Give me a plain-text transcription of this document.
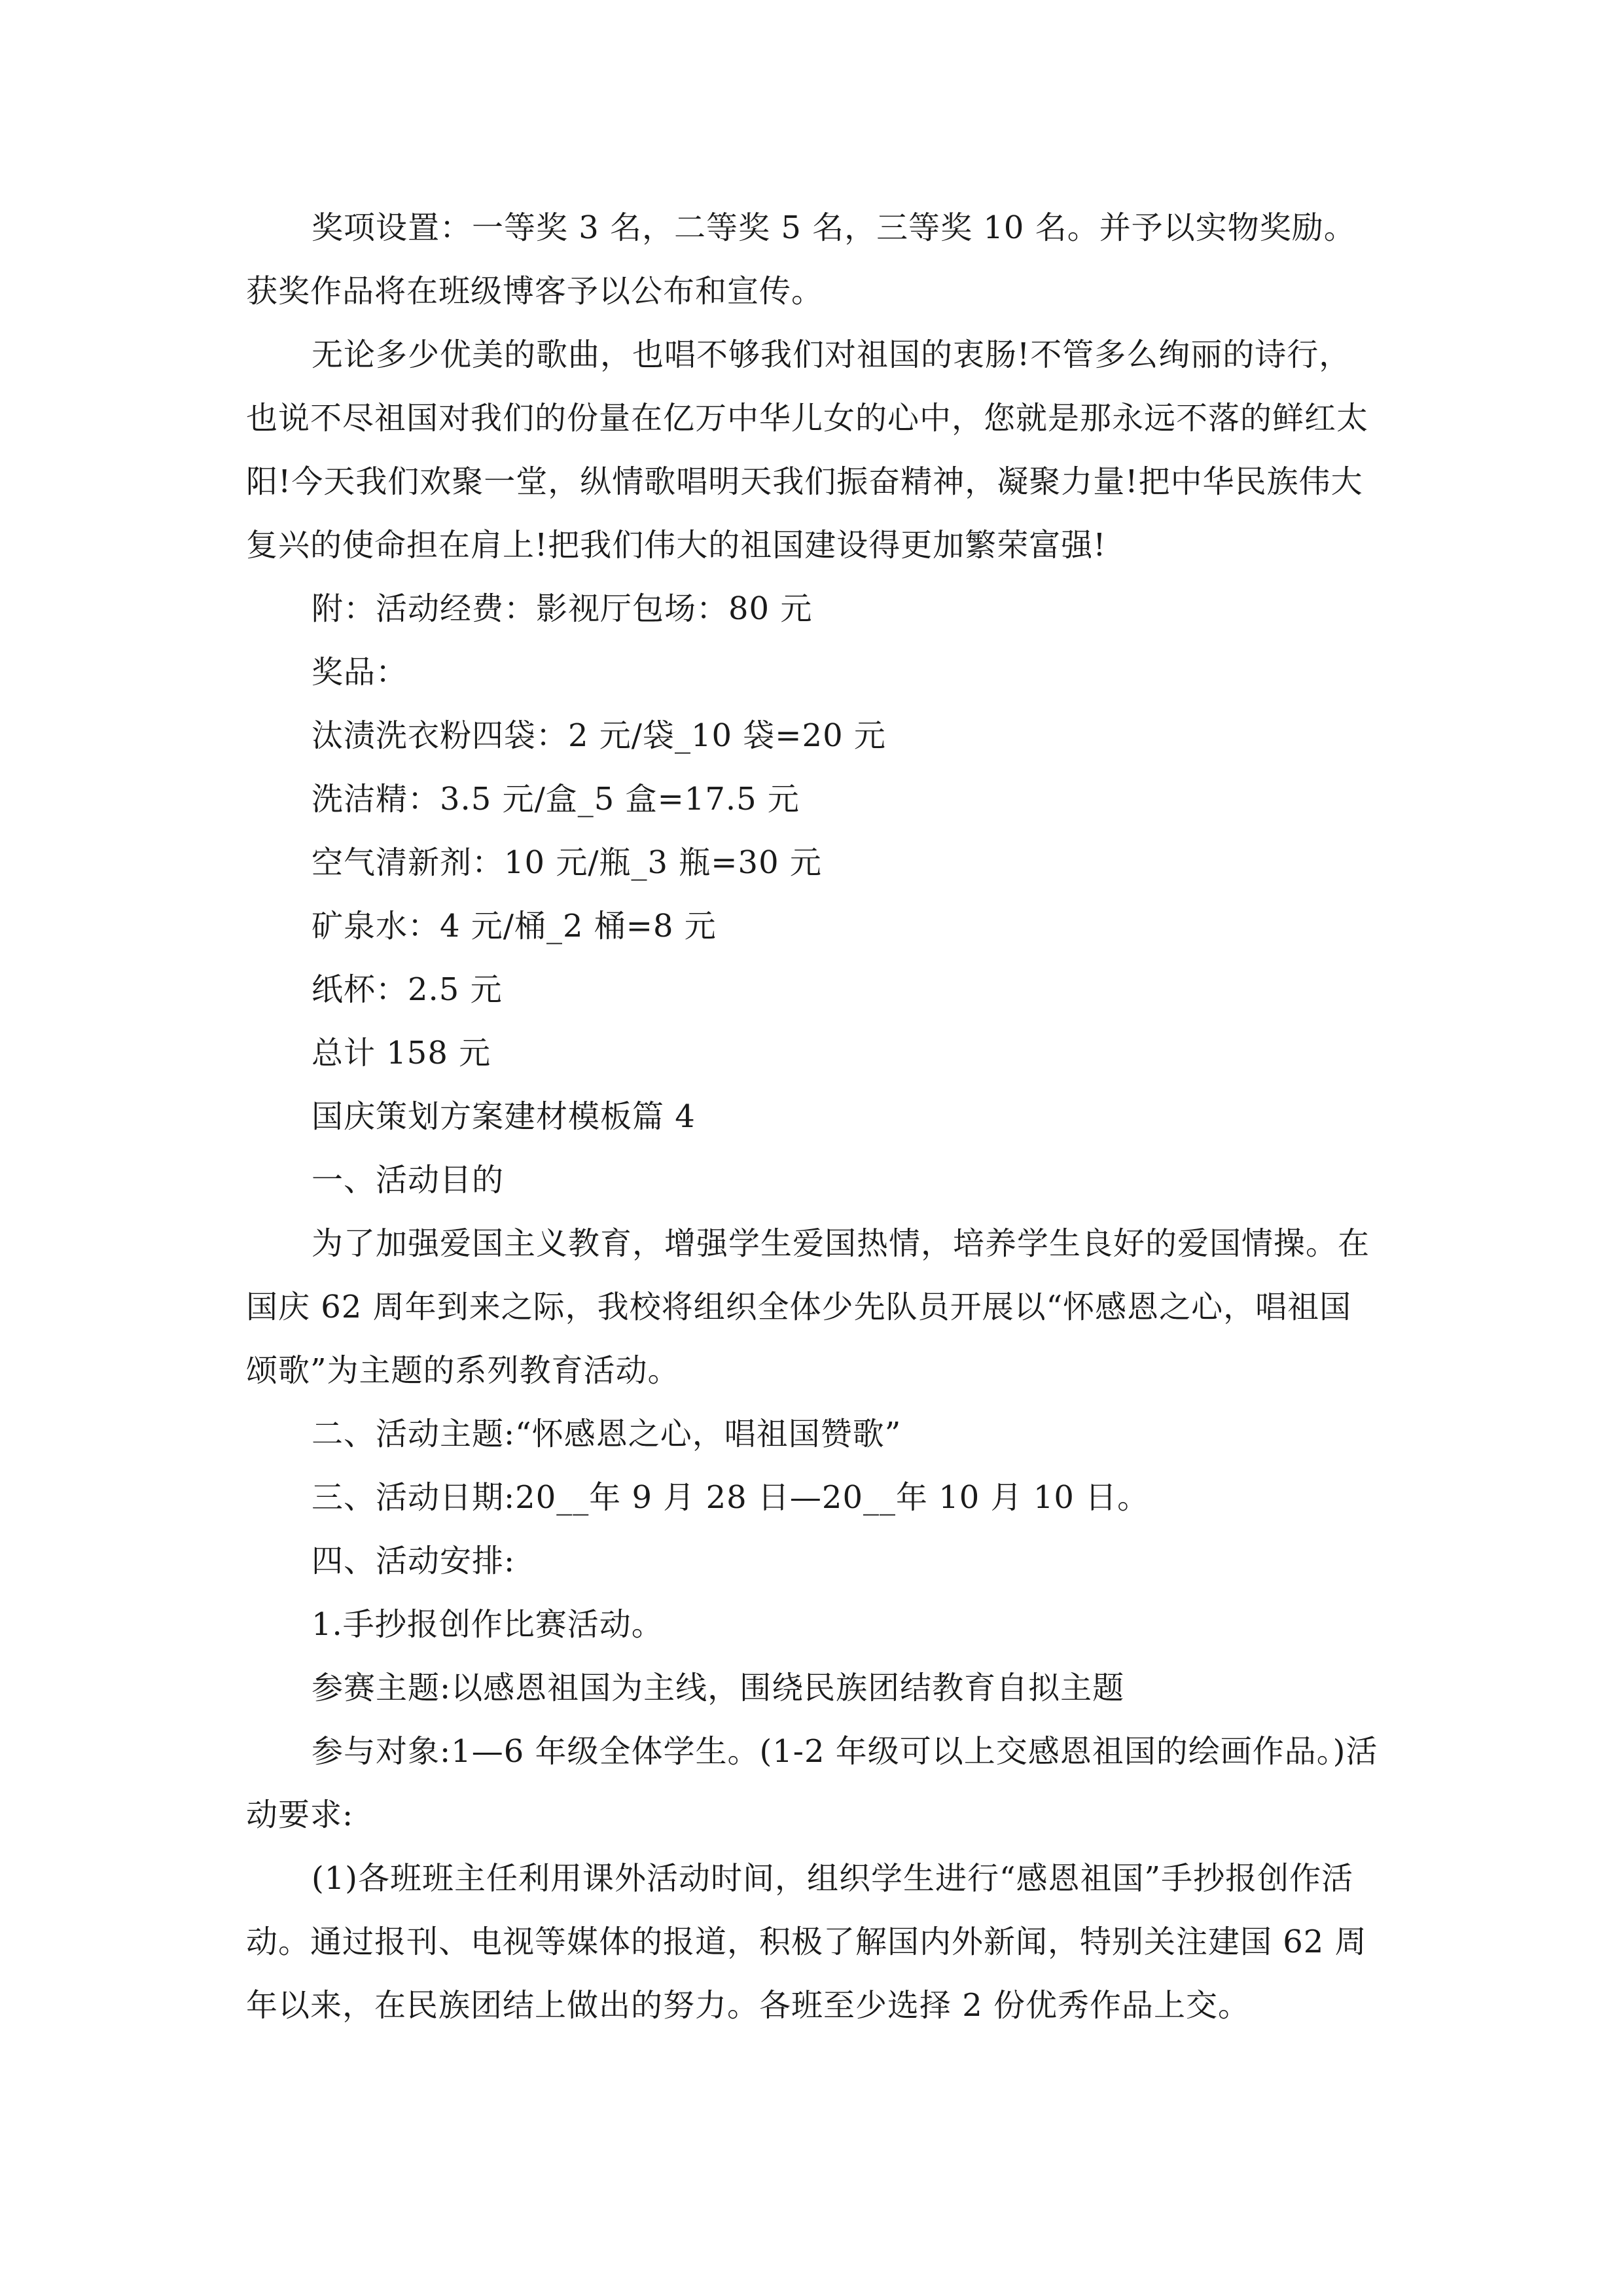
奖项设置：一等奖 3 名，二等奖 5 名，三等奖 10 名。并予以实物奖励。获奖作品将在班级博客予以公布和宣传。

无论多少优美的歌曲，也唱不够我们对祖国的衷肠!不管多么绚丽的诗行，也说不尽祖国对我们的份量在亿万中华儿女的心中，您就是那永远不落的鲜红太阳!今天我们欢聚一堂，纵情歌唱明天我们振奋精神，凝聚力量!把中华民族伟大复兴的使命担在肩上!把我们伟大的祖国建设得更加繁荣富强!

附：活动经费：影视厅包场：80 元

奖品：

汰渍洗衣粉四袋：2 元/袋_10 袋=20 元

洗洁精：3.5 元/盒_5 盒=17.5 元

空气清新剂：10 元/瓶_3 瓶=30 元

矿泉水：4 元/桶_2 桶=8 元

纸杯：2.5 元

总计 158 元

国庆策划方案建材模板篇 4

一、活动目的

为了加强爱国主义教育，增强学生爱国热情，培养学生良好的爱国情操。在国庆 62 周年到来之际，我校将组织全体少先队员开展以“怀感恩之心，唱祖国颂歌”为主题的系列教育活动。

二、活动主题:“怀感恩之心，唱祖国赞歌”

三、活动日期:20__年 9 月 28 日—20__年 10 月 10 日。

四、活动安排:

1.手抄报创作比赛活动。

参赛主题:以感恩祖国为主线，围绕民族团结教育自拟主题

参与对象:1—6 年级全体学生。(1-2 年级可以上交感恩祖国的绘画作品。)活动要求:

(1)各班班主任利用课外活动时间，组织学生进行“感恩祖国”手抄报创作活动。通过报刊、电视等媒体的报道，积极了解国内外新闻，特别关注建国 62 周年以来，在民族团结上做出的努力。各班至少选择 2 份优秀作品上交。
